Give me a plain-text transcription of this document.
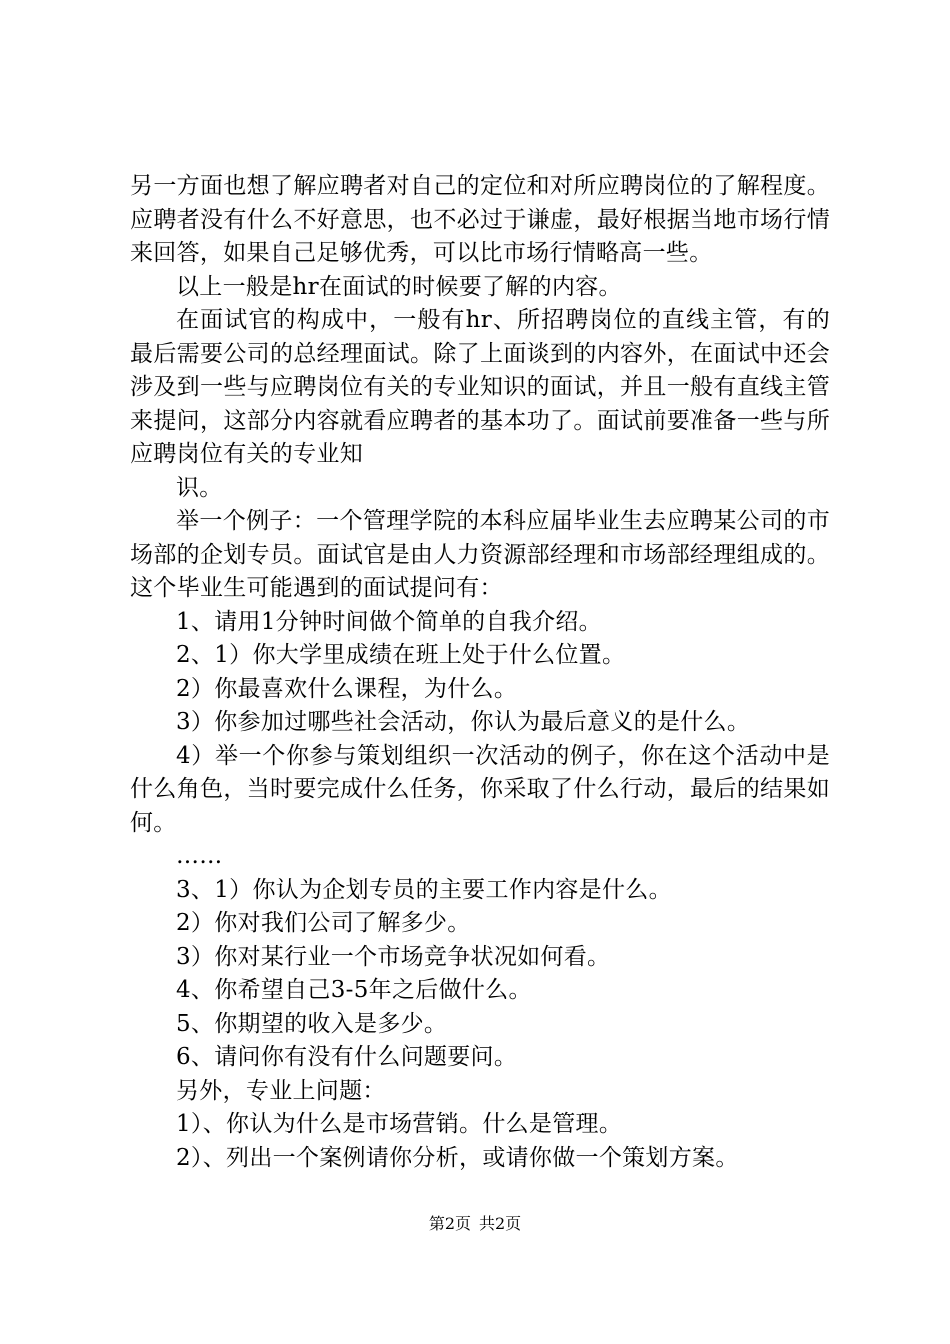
另一方面也想了解应聘者对自己的定位和对所应聘岗位的了解程度。应聘者没有什么不好意思，也不必过于谦虚，最好根据当地市场行情来回答，如果自己足够优秀，可以比市场行情略高一些。

以上一般是hr在面试的时候要了解的内容。

在面试官的构成中，一般有hr、所招聘岗位的直线主管，有的最后需要公司的总经理面试。除了上面谈到的内容外，在面试中还会涉及到一些与应聘岗位有关的专业知识的面试，并且一般有直线主管来提问，这部分内容就看应聘者的基本功了。面试前要准备一些与所应聘岗位有关的专业知

识。

举一个例子：一个管理学院的本科应届毕业生去应聘某公司的市场部的企划专员。面试官是由人力资源部经理和市场部经理组成的。这个毕业生可能遇到的面试提问有：

1、请用1分钟时间做个简单的自我介绍。

2、1）你大学里成绩在班上处于什么位置。

2）你最喜欢什么课程，为什么。

3）你参加过哪些社会活动，你认为最后意义的是什么。

4）举一个你参与策划组织一次活动的例子，你在这个活动中是什么角色，当时要完成什么任务，你采取了什么行动，最后的结果如何。

……

3、1）你认为企划专员的主要工作内容是什么。

2）你对我们公司了解多少。

3）你对某行业一个市场竞争状况如何看。

4、你希望自己3-5年之后做什么。

5、你期望的收入是多少。

6、请问你有没有什么问题要问。

另外，专业上问题：

1）、你认为什么是市场营销。什么是管理。

2）、列出一个案例请你分析，或请你做一个策划方案。

第2页 共2页
